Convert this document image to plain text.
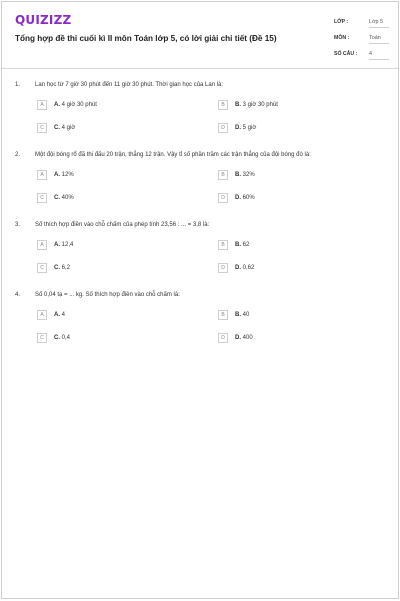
QUIZIZZ
Tổng hợp đề thi cuối kì II môn Toán lớp 5, có lời giải chi tiết (Đề 15)
LỚP :	Lớp 5
MÔN :	Toán
SỐ CÂU : 4
1. Lan học từ 7 giờ 30 phút đến 11 giờ 30 phút. Thời gian học của Lan là:
A	A. 4 giờ 30 phút	B	B. 3 giờ 30 phút
C	C. 4 giờ	D	D. 5 giờ
2. Một đội bóng rổ đã thi đấu 20 trận, thắng 12 trận. Vậy tỉ số phần trăm các trận thắng của đội bóng đó là:
A	A. 12%	B	B. 32%
C	C. 40%	D	D. 60%
3. Số thích hợp điền vào chỗ chấm của phép tính 23,56 : ... = 3,8 là:
A	A. 12,4	B	B. 62
C	C. 6,2	D	D. 0,62
4. Số 0,04 tạ = ... kg. Số thích hợp điền vào chỗ chấm là:
A	A. 4	B	B. 40
C	C. 0,4	D	D. 400
